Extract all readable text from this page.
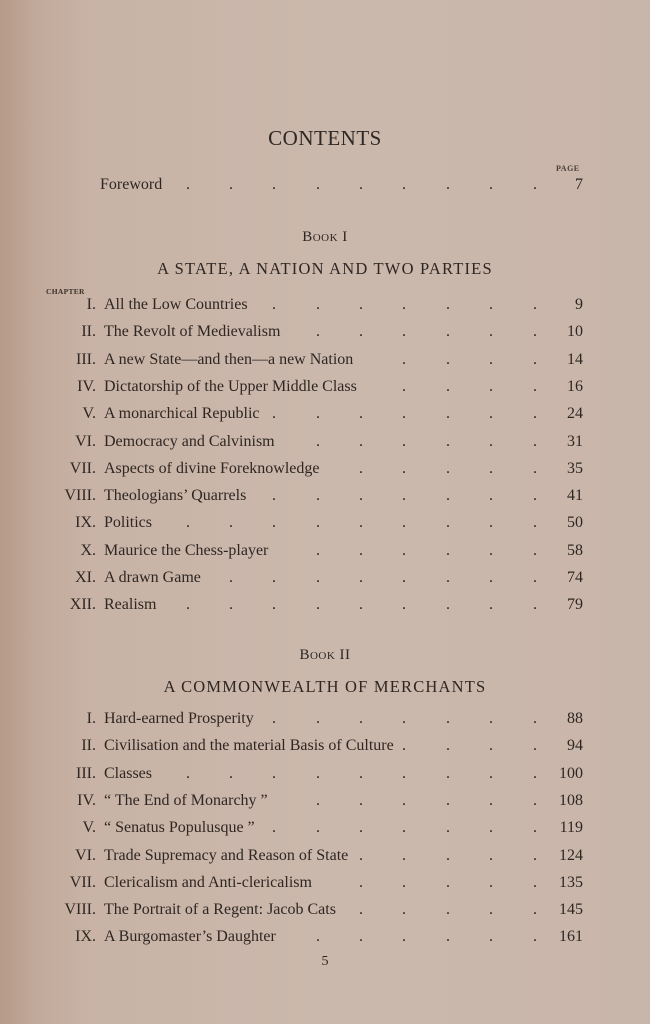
CONTENTS
PAGE
Foreword . . .	. . .	. .	. 7
Book I
A STATE, A NATION AND TWO PARTIES
CHAPTER
I. All the Low Countries .	. . .	. .	. 9
II. The Revolt of Medievalism . . .	. .	. 10
III. A new State—and then—a new Nation	.	. .	. 14
IV. Dictatorship of the Upper Middle Class	.	. .	. 16
V. A monarchical Republic .	. . .	. .	. 24
VI. Democracy and Calvinism	. . .	. .	. 31
VII. Aspects of divine Foreknowledge . .	. .	. 35
VIII. Theologians’ Quarrels .	. . .	. .	. 41
IX. Politics . . .	. . .	. .	. 50
X. Maurice the Chess-player	. . .	. .	. 58
XI. A drawn Game . .	. . .	. .	. 74
XII. Realism . . .	. . .	. .	. 79
Book II
A COMMONWEALTH OF MERCHANTS
I. Hard-earned Prosperity .	. . .	. .	. 88
II. Civilisation and the material Basis of Culture .	. .	. 94
III. Classes . . .	. . .	. .	. 100
IV. “ The End of Monarchy ”	. . .	. .	. 108
V. “ Senatus Populusque ” .	. . .	. .	. 119
VI. Trade Supremacy and Reason of State . .	. .	. 124
VII. Clericalism and Anti-clericalism	. .	. .	. 135
VIII. The Portrait of a Regent: Jacob Cats . .	. .	. 145
IX. A Burgomaster’s Daughter	. . .	. .	. 161
5
